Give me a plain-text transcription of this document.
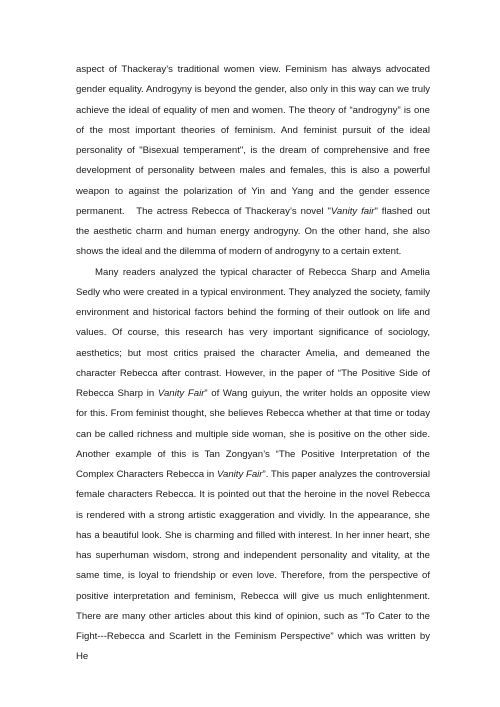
aspect of Thackeray’s traditional women view. Feminism has always advocated gender equality. Androgyny is beyond the gender, also only in this way can we truly achieve the ideal of equality of men and women. The theory of “androgyny” is one of the most important theories of feminism. And feminist pursuit of the ideal personality of "Bisexual temperament", is the dream of comprehensive and free development of personality between males and females, this is also a powerful weapon to against the polarization of Yin and Yang and the gender essence permanent.   The actress Rebecca of Thackeray’s novel "Vanity fair" flashed out the aesthetic charm and human energy androgyny. On the other hand, she also shows the ideal and the dilemma of modern of androgyny to a certain extent.

Many readers analyzed the typical character of Rebecca Sharp and Amelia Sedly who were created in a typical environment. They analyzed the society, family environment and historical factors behind the forming of their outlook on life and values. Of course, this research has very important significance of sociology, aesthetics; but most critics praised the character Amelia, and demeaned the character Rebecca after contrast. However, in the paper of “The Positive Side of Rebecca Sharp in Vanity Fair” of Wang guiyun, the writer holds an opposite view for this. From feminist thought, she believes Rebecca whether at that time or today can be called richness and multiple side woman, she is positive on the other side. Another example of this is Tan Zongyan’s “The Positive Interpretation of the Complex Characters Rebecca in Vanity Fair”. This paper analyzes the controversial female characters Rebecca. It is pointed out that the heroine in the novel Rebecca is rendered with a strong artistic exaggeration and vividly. In the appearance, she has a beautiful look. She is charming and filled with interest. In her inner heart, she has superhuman wisdom, strong and independent personality and vitality, at the same time, is loyal to friendship or even love. Therefore, from the perspective of positive interpretation and feminism, Rebecca will give us much enlightenment. There are many other articles about this kind of opinion, such as “To Cater to the Fight---Rebecca and Scarlett in the Feminism Perspective” which was written by He
